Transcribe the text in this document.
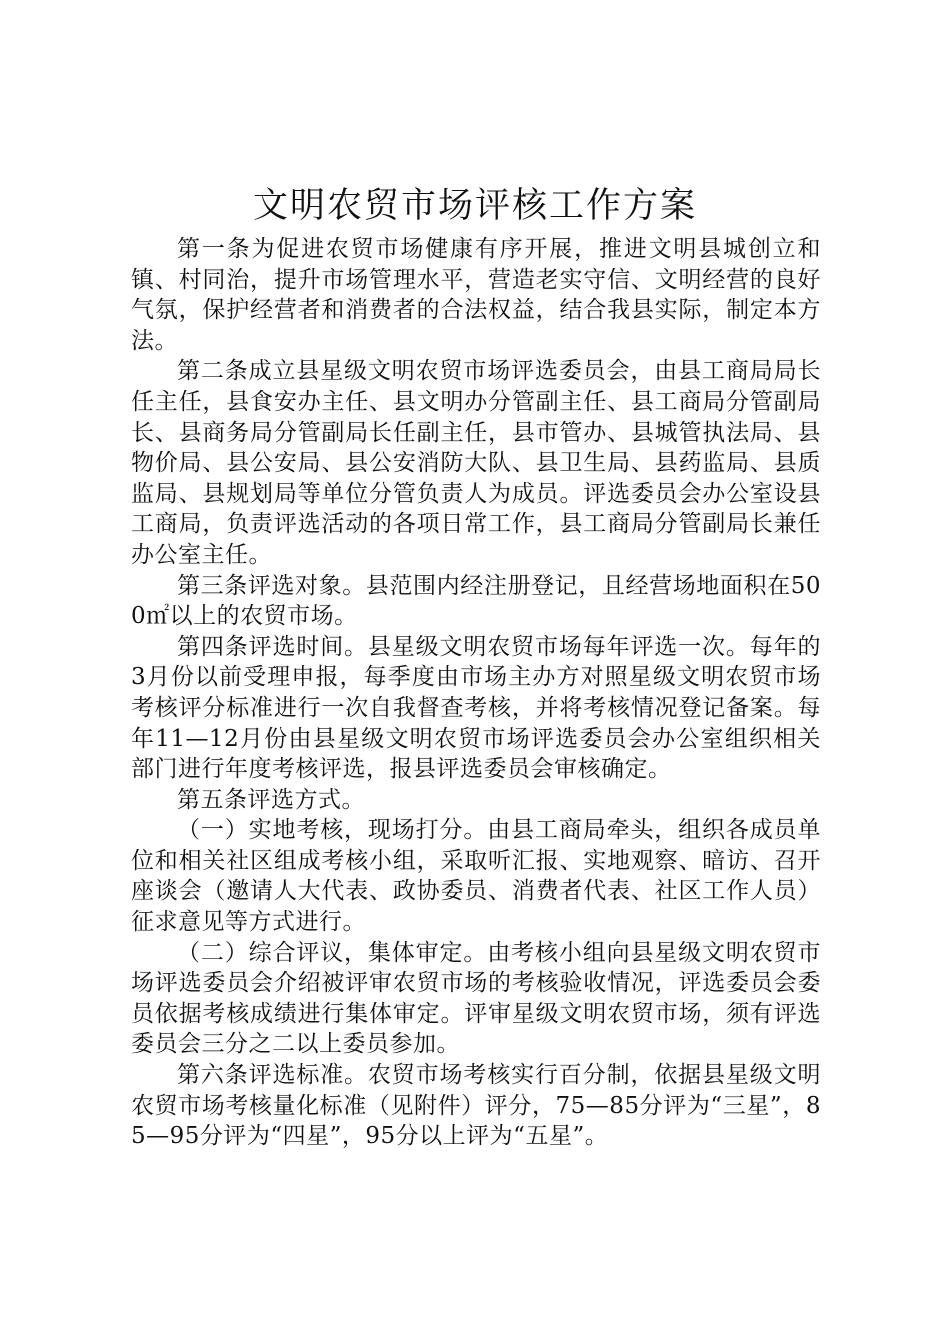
文明农贸市场评核工作方案

第一条为促进农贸市场健康有序开展，推进文明县城创立和镇、村同治，提升市场管理水平，营造老实守信、文明经营的良好气氛，保护经营者和消费者的合法权益，结合我县实际，制定本方法。

第二条成立县星级文明农贸市场评选委员会，由县工商局局长任主任，县食安办主任、县文明办分管副主任、县工商局分管副局长、县商务局分管副局长任副主任，县市管办、县城管执法局、县物价局、县公安局、县公安消防大队、县卫生局、县药监局、县质监局、县规划局等单位分管负责人为成员。评选委员会办公室设县工商局，负责评选活动的各项日常工作，县工商局分管副局长兼任办公室主任。

第三条评选对象。县范围内经注册登记，且经营场地面积在500㎡以上的农贸市场。

第四条评选时间。县星级文明农贸市场每年评选一次。每年的3月份以前受理申报，每季度由市场主办方对照星级文明农贸市场考核评分标准进行一次自我督查考核，并将考核情况登记备案。每年11—12月份由县星级文明农贸市场评选委员会办公室组织相关部门进行年度考核评选，报县评选委员会审核确定。

第五条评选方式。

（一）实地考核，现场打分。由县工商局牵头，组织各成员单位和相关社区组成考核小组，采取听汇报、实地观察、暗访、召开座谈会（邀请人大代表、政协委员、消费者代表、社区工作人员）征求意见等方式进行。

（二）综合评议，集体审定。由考核小组向县星级文明农贸市场评选委员会介绍被评审农贸市场的考核验收情况，评选委员会委员依据考核成绩进行集体审定。评审星级文明农贸市场，须有评选委员会三分之二以上委员参加。

第六条评选标准。农贸市场考核实行百分制，依据县星级文明农贸市场考核量化标准（见附件）评分，75—85分评为“三星”，85—95分评为“四星”，95分以上评为“五星”。
